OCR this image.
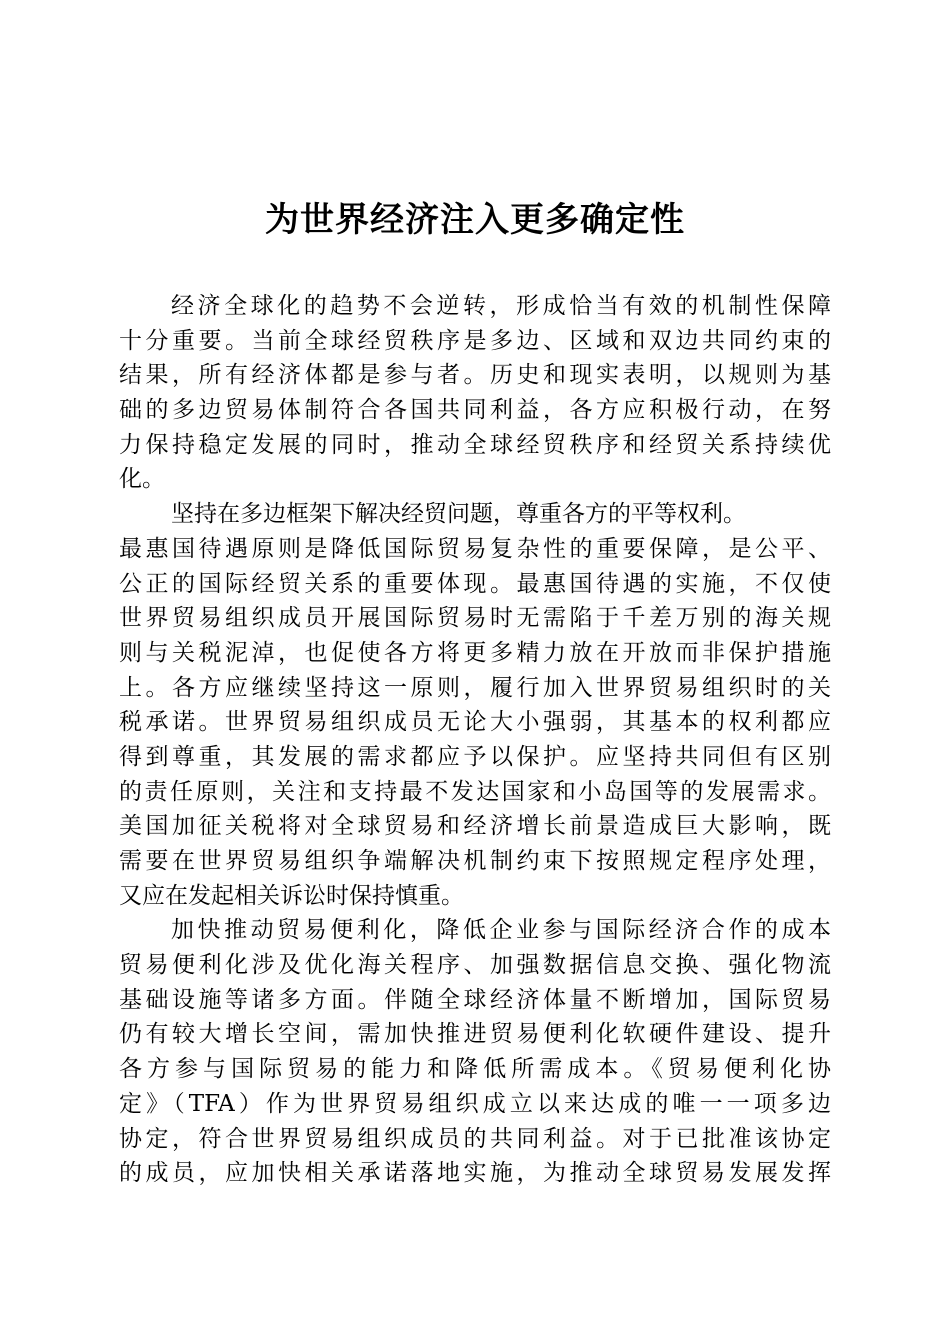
为世界经济注入更多确定性
经济全球化的趋势不会逆转，形成恰当有效的机制性保障
十分重要。当前全球经贸秩序是多边、区域和双边共同约束的
结果，所有经济体都是参与者。历史和现实表明，以规则为基
础的多边贸易体制符合各国共同利益，各方应积极行动，在努
力保持稳定发展的同时，推动全球经贸秩序和经贸关系持续优
化。
坚持在多边框架下解决经贸问题，尊重各方的平等权利。
最惠国待遇原则是降低国际贸易复杂性的重要保障，是公平、
公正的国际经贸关系的重要体现。最惠国待遇的实施，不仅使
世界贸易组织成员开展国际贸易时无需陷于千差万别的海关规
则与关税泥淖，也促使各方将更多精力放在开放而非保护措施
上。各方应继续坚持这一原则，履行加入世界贸易组织时的关
税承诺。世界贸易组织成员无论大小强弱，其基本的权利都应
得到尊重，其发展的需求都应予以保护。应坚持共同但有区别
的责任原则，关注和支持最不发达国家和小岛国等的发展需求。
美国加征关税将对全球贸易和经济增长前景造成巨大影响，既
需要在世界贸易组织争端解决机制约束下按照规定程序处理，
又应在发起相关诉讼时保持慎重。
加快推动贸易便利化，降低企业参与国际经济合作的成本
贸易便利化涉及优化海关程序、加强数据信息交换、强化物流
基础设施等诸多方面。伴随全球经济体量不断增加，国际贸易
仍有较大增长空间，需加快推进贸易便利化软硬件建设、提升
各方参与国际贸易的能力和降低所需成本。《贸易便利化协
定》（TFA）作为世界贸易组织成立以来达成的唯一一项多边
协定，符合世界贸易组织成员的共同利益。对于已批准该协定
的成员，应加快相关承诺落地实施，为推动全球贸易发展发挥
